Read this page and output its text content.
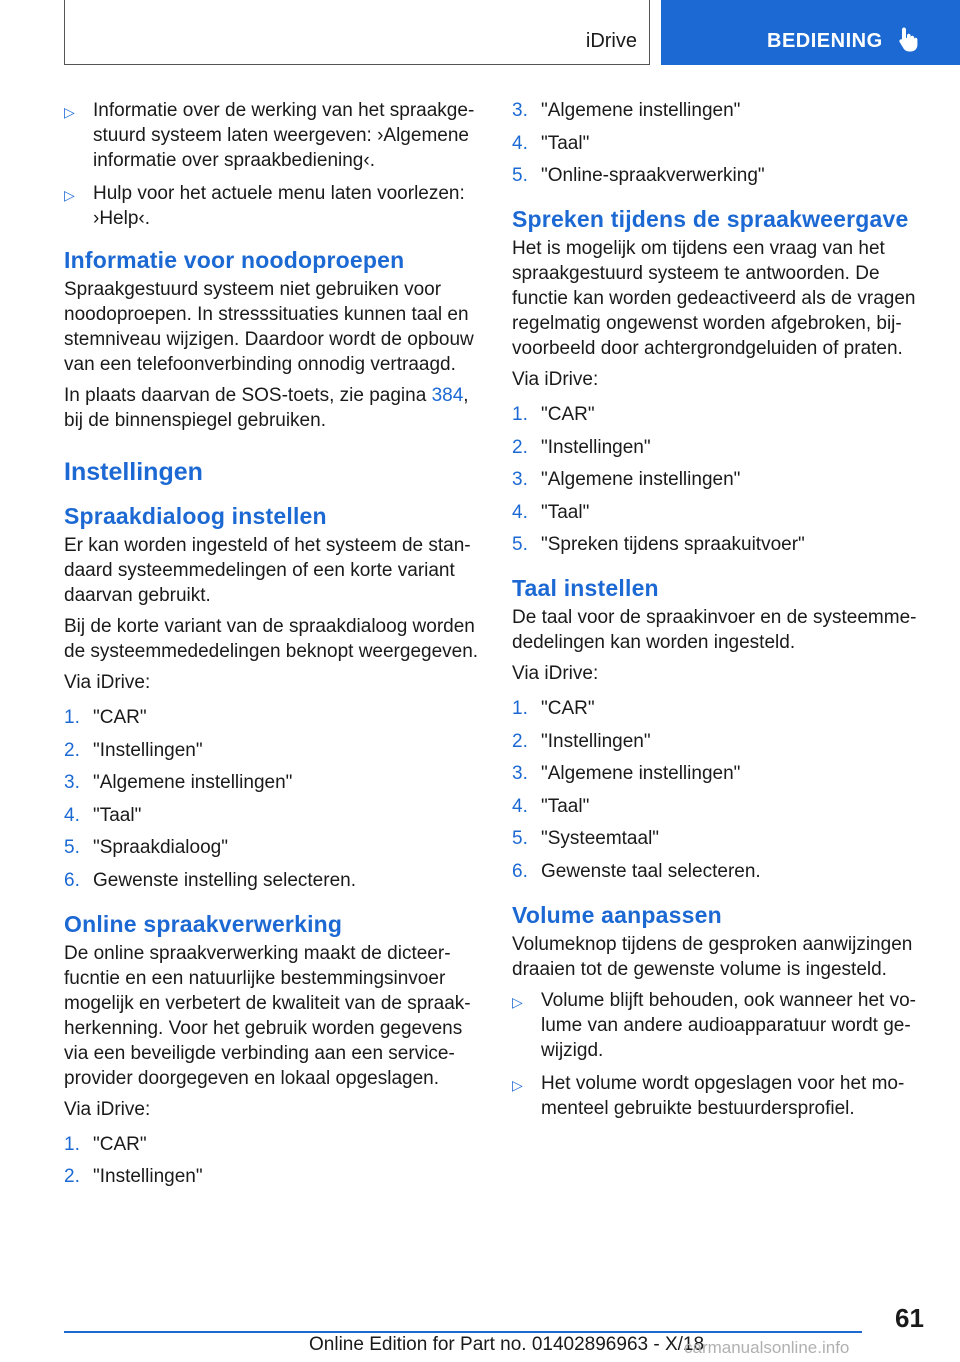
iDrive	BEDIENING
▷ Informatie over de werking van het spraakgestuurd systeem laten weergeven: ›Algemene informatie over spraakbediening‹.
▷ Hulp voor het actuele menu laten voorlezen: ›Help‹.
Informatie voor noodoproepen

Spraakgestuurd systeem niet gebruiken voor noodoproepen. In stresssituaties kunnen taal en stemniveau wijzigen. Daardoor wordt de opbouw van een telefoonverbinding onnodig vertraagd.

In plaats daarvan de SOS-toets, zie pagina 384, bij de binnenspiegel gebruiken.

Instellingen
Spraakdialoog instellen

Er kan worden ingesteld of het systeem de standaard systeemmedelingen of een korte variant daarvan gebruikt.

Bij de korte variant van de spraakdialoog worden de systeemmededelingen beknopt weergegeven.

Via iDrive:

1. "CAR"
2. "Instellingen"
3. "Algemene instellingen"
4. "Taal"
5. "Spraakdialoog"
6. Gewenste instelling selecteren.
Online spraakverwerking

De online spraakverwerking maakt de dicteerfucntie en een natuurlijke bestemmingsinvoer mogelijk en verbetert de kwaliteit van de spraakherkenning. Voor het gebruik worden gegevens via een beveiligde verbinding aan een serviceprovider doorgegeven en lokaal opgeslagen.

Via iDrive:

1. "CAR"
2. "Instellingen"
3. "Algemene instellingen"
4. "Taal"
5. "Online-spraakverwerking"
Spreken tijdens de spraakweergave

Het is mogelijk om tijdens een vraag van het spraakgestuurd systeem te antwoorden. De functie kan worden gedeactiveerd als de vragen regelmatig ongewenst worden afgebroken, bijvoorbeeld door achtergrondgeluiden of praten.

Via iDrive:

1. "CAR"
2. "Instellingen"
3. "Algemene instellingen"
4. "Taal"
5. "Spreken tijdens spraakuitvoer"
Taal instellen

De taal voor de spraakinvoer en de systeemmededelingen kan worden ingesteld.

Via iDrive:

1. "CAR"
2. "Instellingen"
3. "Algemene instellingen"
4. "Taal"
5. "Systeemtaal"
6. Gewenste taal selecteren.
Volume aanpassen

Volumeknop tijdens de gesproken aanwijzingen draaien tot de gewenste volume is ingesteld.

▷ Volume blijft behouden, ook wanneer het volume van andere audioapparatuur wordt gewijzigd.
▷ Het volume wordt opgeslagen voor het momenteel gebruikte bestuurdersprofiel.
61
Online Edition for Part no. 01402896963 - X/18
carmanualsonline.info
